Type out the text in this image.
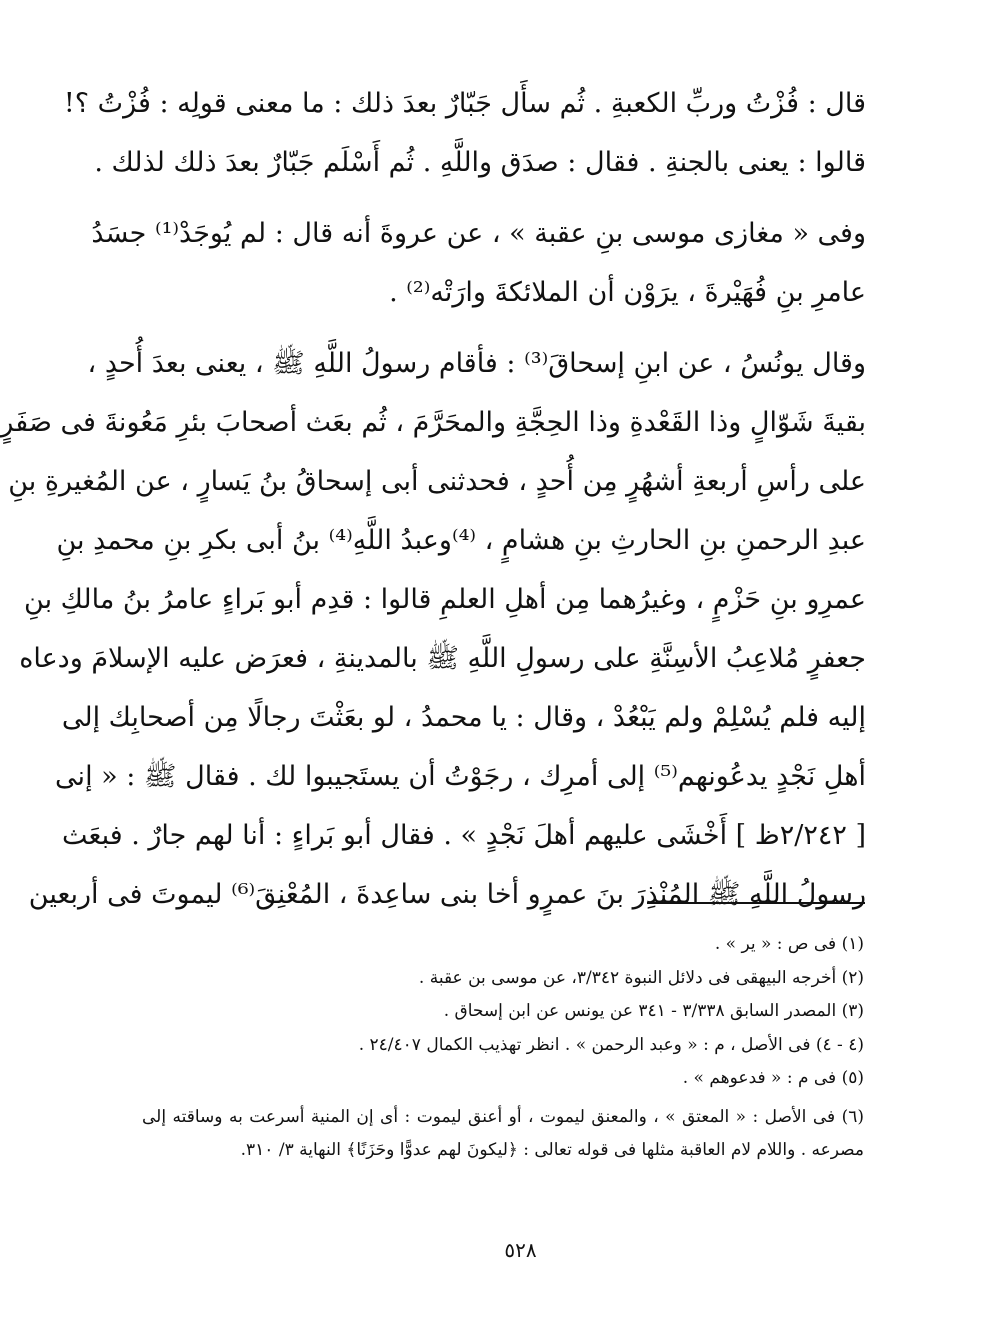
قال : فُزْتُ وربِّ الكعبةِ . ثُم سأَل جَبّارٌ بعدَ ذلك : ما معنى قولِه : فُزْتُ ؟!
قالوا : يعنى بالجنةِ . فقال : صدَق واللَّهِ . ثُم أَسْلَم جَبّارٌ بعدَ ذلك لذلك .
وفى « مغازى موسى بنِ عقبة » ، عن عروةَ أنه قال : لم يُوجَدْ⁽¹⁾ جسَدُ
عامرِ بنِ فُهَيْرةَ ، يرَوْن أن الملائكةَ وارَتْه⁽²⁾ .
وقال يونُسُ ، عن ابنِ إسحاقَ⁽³⁾ : فأقام رسولُ اللَّهِ ﷺ ، يعنى بعدَ أُحدٍ ،
بقيةَ شَوّالٍ وذا القَعْدةِ وذا الحِجَّةِ والمحَرَّمَ ، ثُم بعَث أصحابَ بئرِ مَعُونةَ فى صَفَرٍ
على رأسِ أربعةِ أشهُرٍ مِن أُحدٍ ، فحدثنى أبى إسحاقُ بنُ يَسارٍ ، عن المُغيرةِ بنِ
عبدِ الرحمنِ بنِ الحارثِ بنِ هشامٍ ، ⁽⁴⁾وعبدُ اللَّهِ⁽⁴⁾ بنُ أبى بكرِ بنِ محمدِ بنِ
عمرِو بنِ حَزْمٍ ، وغيرُهما مِن أهلِ العلمِ قالوا : قدِم أبو بَراءٍ عامرُ بنُ مالكِ بنِ
جعفرٍ مُلاعِبُ الأسِنَّةِ على رسولِ اللَّهِ ﷺ بالمدينةِ ، فعرَض عليه الإسلامَ ودعاه
إليه فلم يُسْلِمْ ولم يَبْعُدْ ، وقال : يا محمدُ ، لو بعَثْتَ رجالًا مِن أصحابِك إلى
أهلِ نَجْدٍ يدعُونهم⁽⁵⁾ إلى أمرِك ، رجَوْتُ أن يستَجيبوا لك . فقال ﷺ : « إنى
[ ٢/٢٤٢ظ ] أَخْشَى عليهم أهلَ نَجْدٍ » . فقال أبو بَراءٍ : أنا لهم جارٌ . فبعَث
رسولُ اللَّهِ ﷺ المُنْذِرَ بنَ عمرٍو أخا بنى ساعِدةَ ، المُعْنِقَ⁽⁶⁾ ليموتَ فى أربعين
(١) فى ص : « ير » .
(٢) أخرجه البيهقى فى دلائل النبوة ٣/٣٤٢، عن موسى بن عقبة .
(٣) المصدر السابق ٣/٣٣٨ - ٣٤١ عن يونس عن ابن إسحاق .
(٤ - ٤) فى الأصل ، م : « وعبد الرحمن » . انظر تهذيب الكمال ٢٤/٤٠٧ .
(٥) فى م : « فدعوهم » .
(٦) فى الأصل : « المعتق » ، والمعنق ليموت ، أو أعنق ليموت : أى إن المنية أسرعت به وساقته إلى
مصرعه . واللام لام العاقبة مثلها فى قوله تعالى : ﴿ليكونَ لهم عدوًّا وحَزَنًا﴾ النهاية ٣/ ٣١٠.
٥٢٨
